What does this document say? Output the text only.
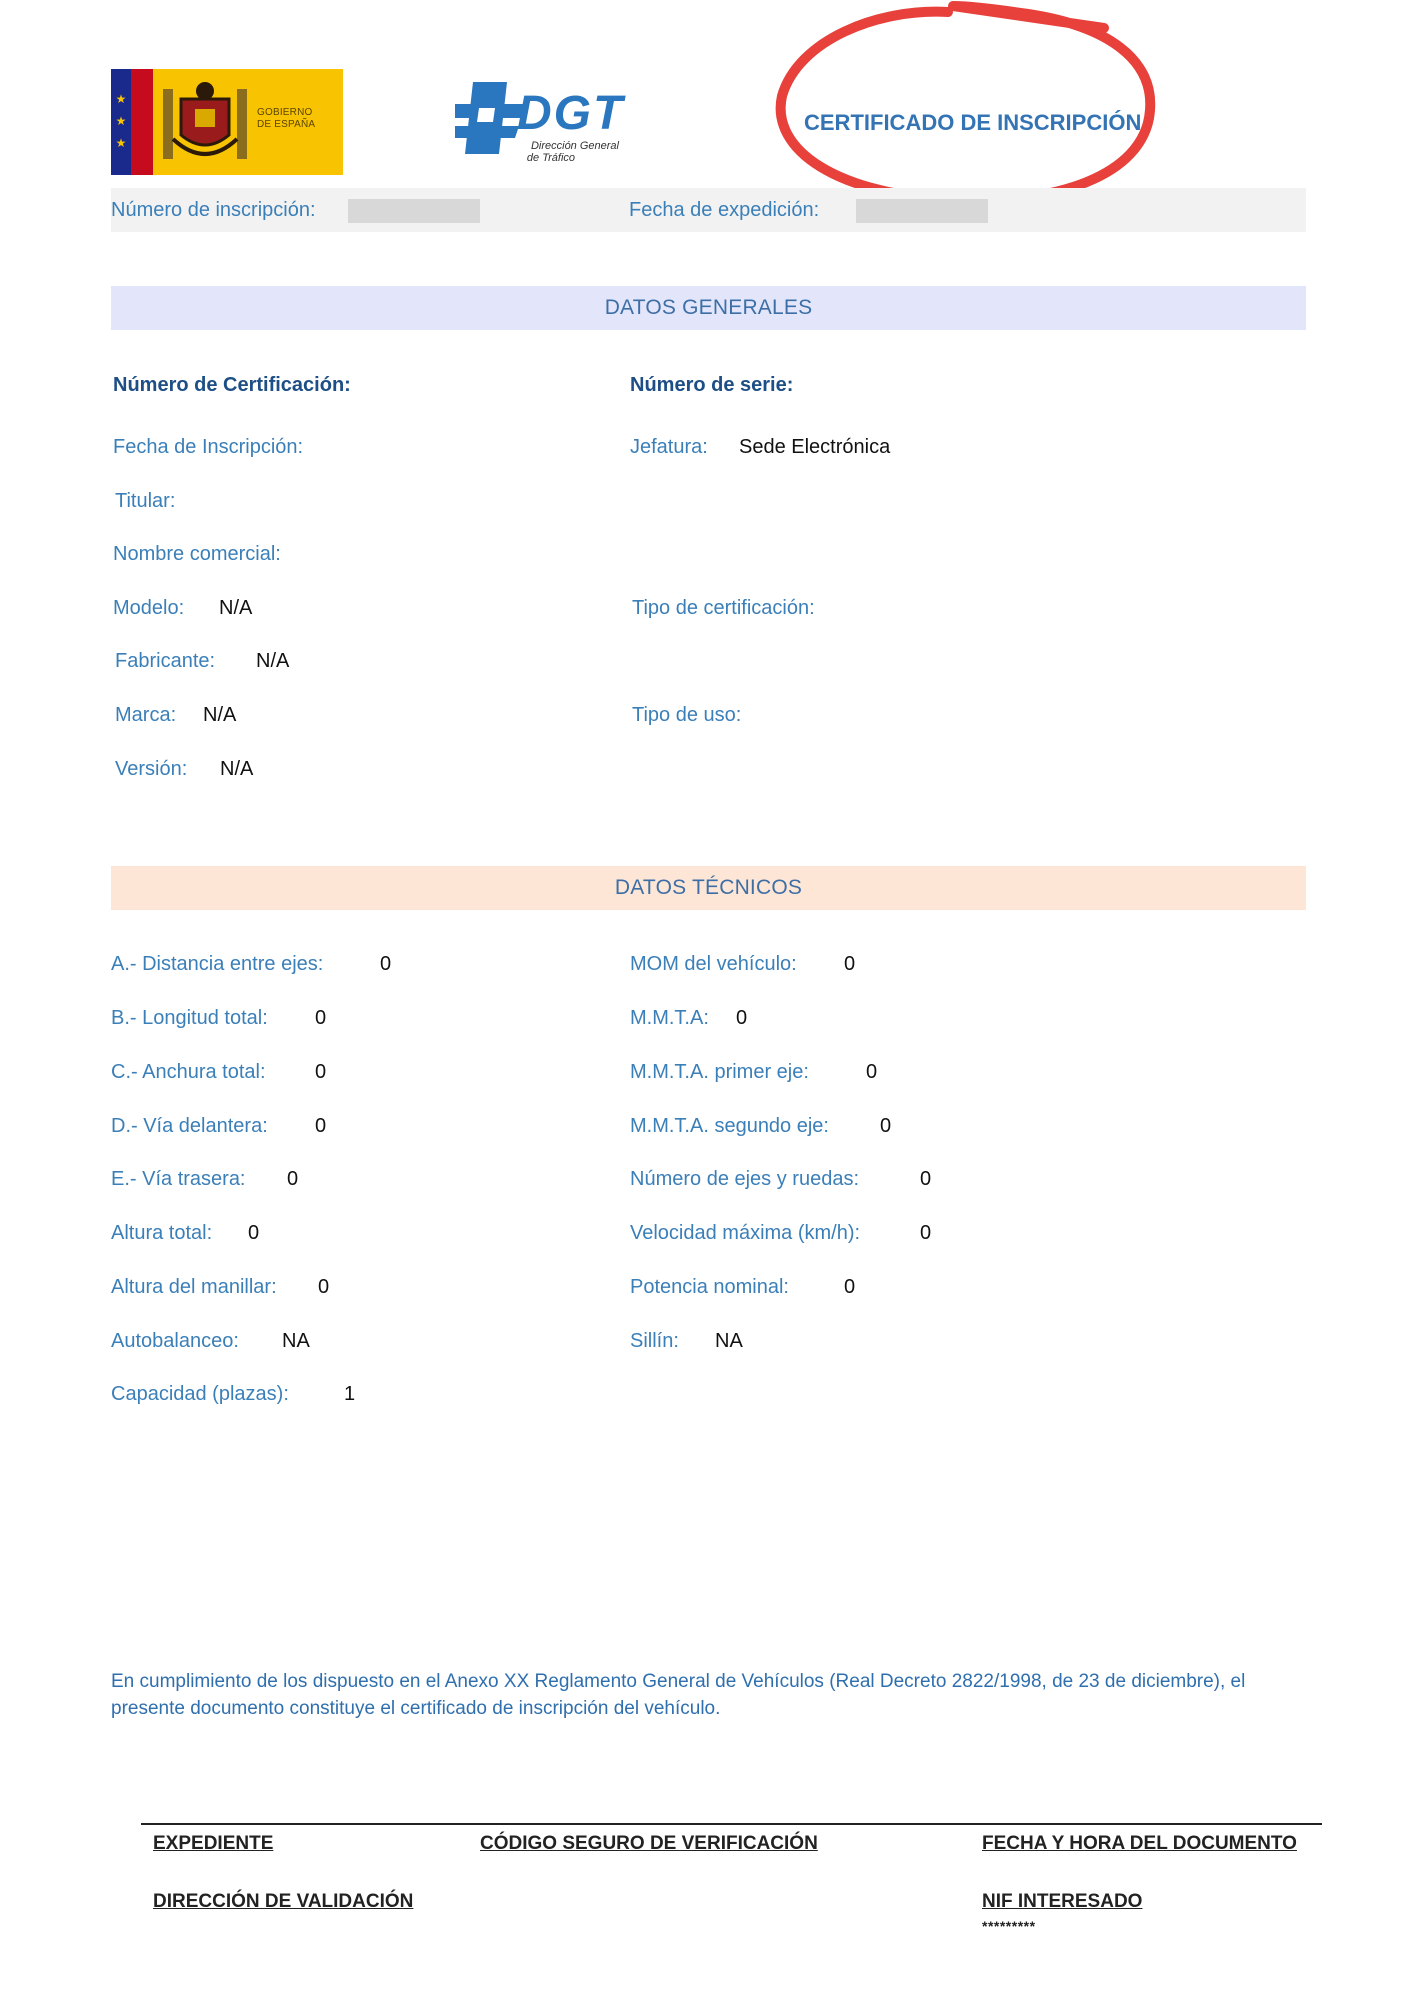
★
★
★
GOBIERNO
DE ESPAÑA	DGT
Dirección General
de Tráfico
CERTIFICADO DE INSCRIPCIÓN
Número de inscripción:	Fecha de expedición:
DATOS GENERALES
Número de Certificación:	Número de serie:
Fecha de Inscripción:	Jefatura: Sede Electrónica
Titular:
Nombre comercial:
Modelo: N/A	Tipo de certificación:
Fabricante: N/A
Marca: N/A	Tipo de uso:
Versión: N/A
DATOS TÉCNICOS
A.- Distancia entre ejes:	0
B.- Longitud total: 0
C.- Anchura total: 0
D.- Vía delantera: 0
E.- Vía trasera: 0
Altura total: 0
Altura del manillar: 0
Autobalanceo: NA
Capacidad (plazas):	1
MOM del vehículo: 0
M.M.T.A: 0
M.M.T.A. primer eje:	0
M.M.T.A. segundo eje:	0
Número de ejes y ruedas:	0
Velocidad máxima (km/h):	0
Potencia nominal:	0
Sillín: NA
En cumplimiento de los dispuesto en el Anexo XX Reglamento General de Vehículos (Real Decreto 2822/1998, de 23 de diciembre), el presente documento constituye el certificado de inscripción del vehículo.
EXPEDIENTE	CÓDIGO SEGURO DE VERIFICACIÓN	FECHA Y HORA DEL DOCUMENTO
DIRECCIÓN DE VALIDACIÓN	NIF INTERESADO
*********
